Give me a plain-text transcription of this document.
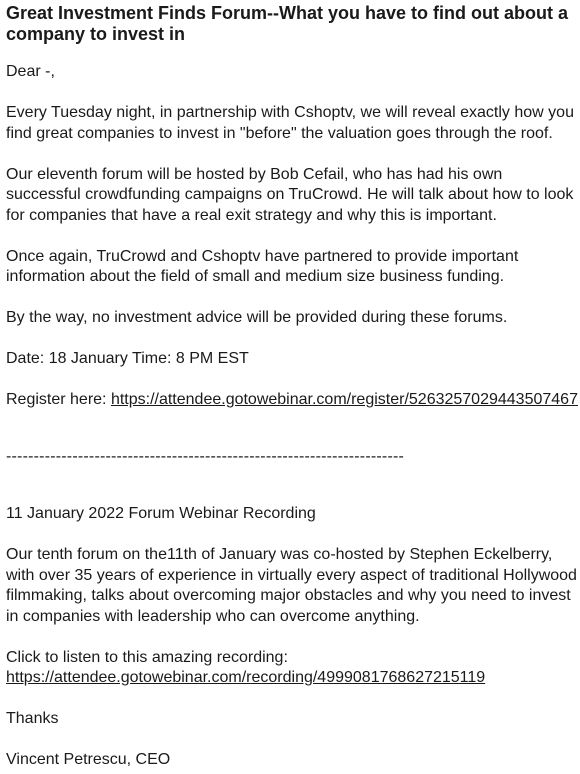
Great Investment Finds Forum--What you have to find out about a company to invest in

Dear -,

Every Tuesday night, in partnership with Cshoptv, we will reveal exactly how you find great companies to invest in "before" the valuation goes through the roof.

Our eleventh forum will be hosted by Bob Cefail, who has had his own successful crowdfunding campaigns on TruCrowd. He will talk about how to look for companies that have a real exit strategy and why this is important.

Once again, TruCrowd and Cshoptv have partnered to provide important information about the field of small and medium size business funding.

By the way, no investment advice will be provided during these forums.

Date: 18 January Time: 8 PM EST

Register here: https://attendee.gotowebinar.com/register/5263257029443507467

------------------------------------------------------------------------

11 January 2022 Forum Webinar Recording

Our tenth forum on the11th of January was co-hosted by Stephen Eckelberry, with over 35 years of experience in virtually every aspect of traditional Hollywood filmmaking, talks about overcoming major obstacles and why you need to invest in companies with leadership who can overcome anything.

Click to listen to this amazing recording: https://attendee.gotowebinar.com/recording/4999081768627215119

Thanks

Vincent Petrescu, CEO
